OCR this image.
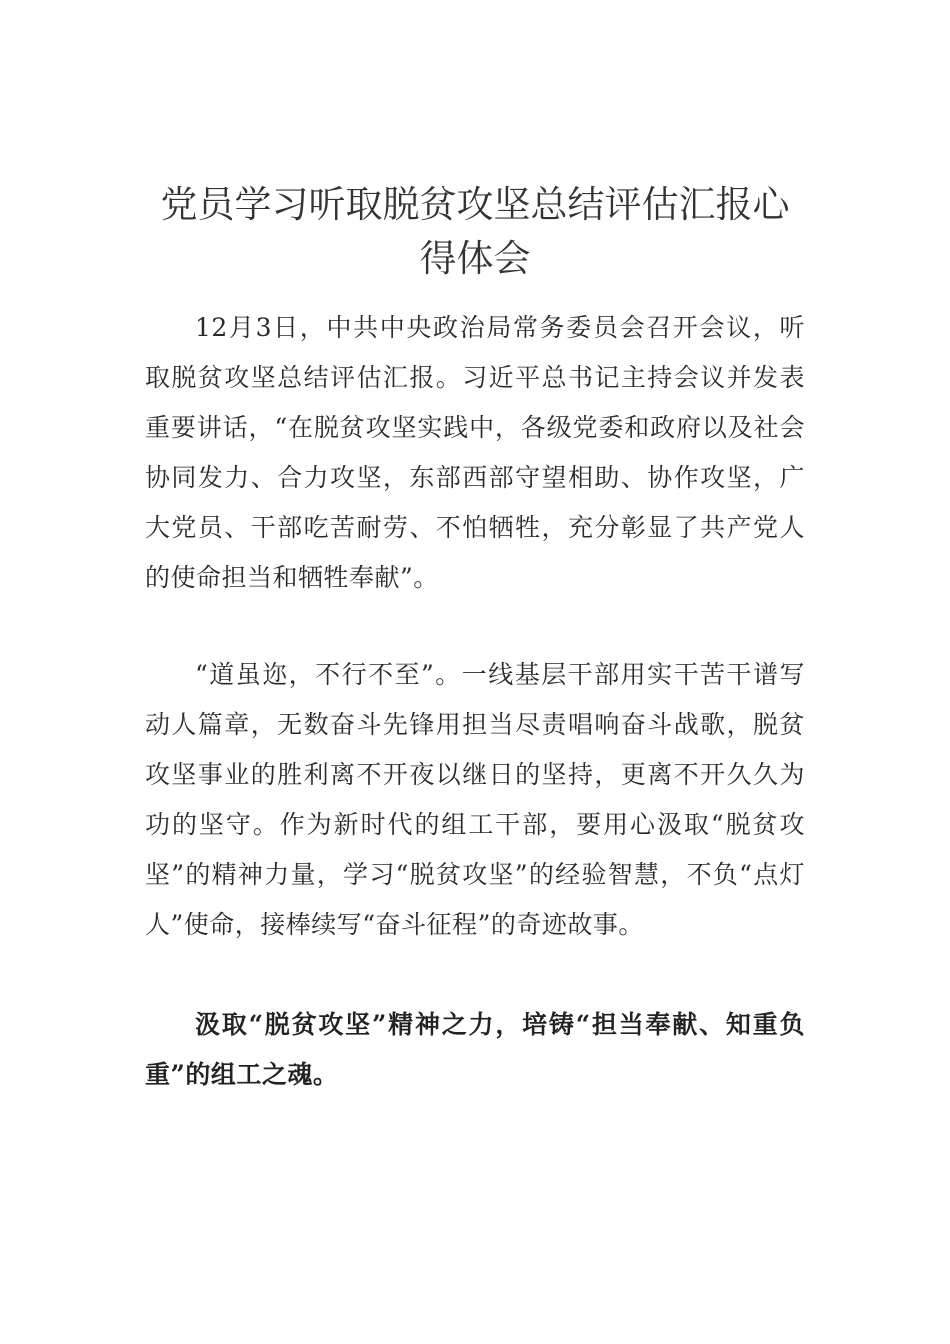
党员学习听取脱贫攻坚总结评估汇报心
得体会

12月3日，中共中央政治局常务委员会召开会议，听取脱贫攻坚总结评估汇报。习近平总书记主持会议并发表重要讲话，“在脱贫攻坚实践中，各级党委和政府以及社会协同发力、合力攻坚，东部西部守望相助、协作攻坚，广大党员、干部吃苦耐劳、不怕牺牲，充分彰显了共产党人的使命担当和牺牲奉献”。

“道虽迩，不行不至”。一线基层干部用实干苦干谱写动人篇章，无数奋斗先锋用担当尽责唱响奋斗战歌，脱贫攻坚事业的胜利离不开夜以继日的坚持，更离不开久久为功的坚守。作为新时代的组工干部，要用心汲取“脱贫攻坚”的精神力量，学习“脱贫攻坚”的经验智慧，不负“点灯人”使命，接棒续写“奋斗征程”的奇迹故事。

汲取“脱贫攻坚”精神之力，培铸“担当奉献、知重负重”的组工之魂。
